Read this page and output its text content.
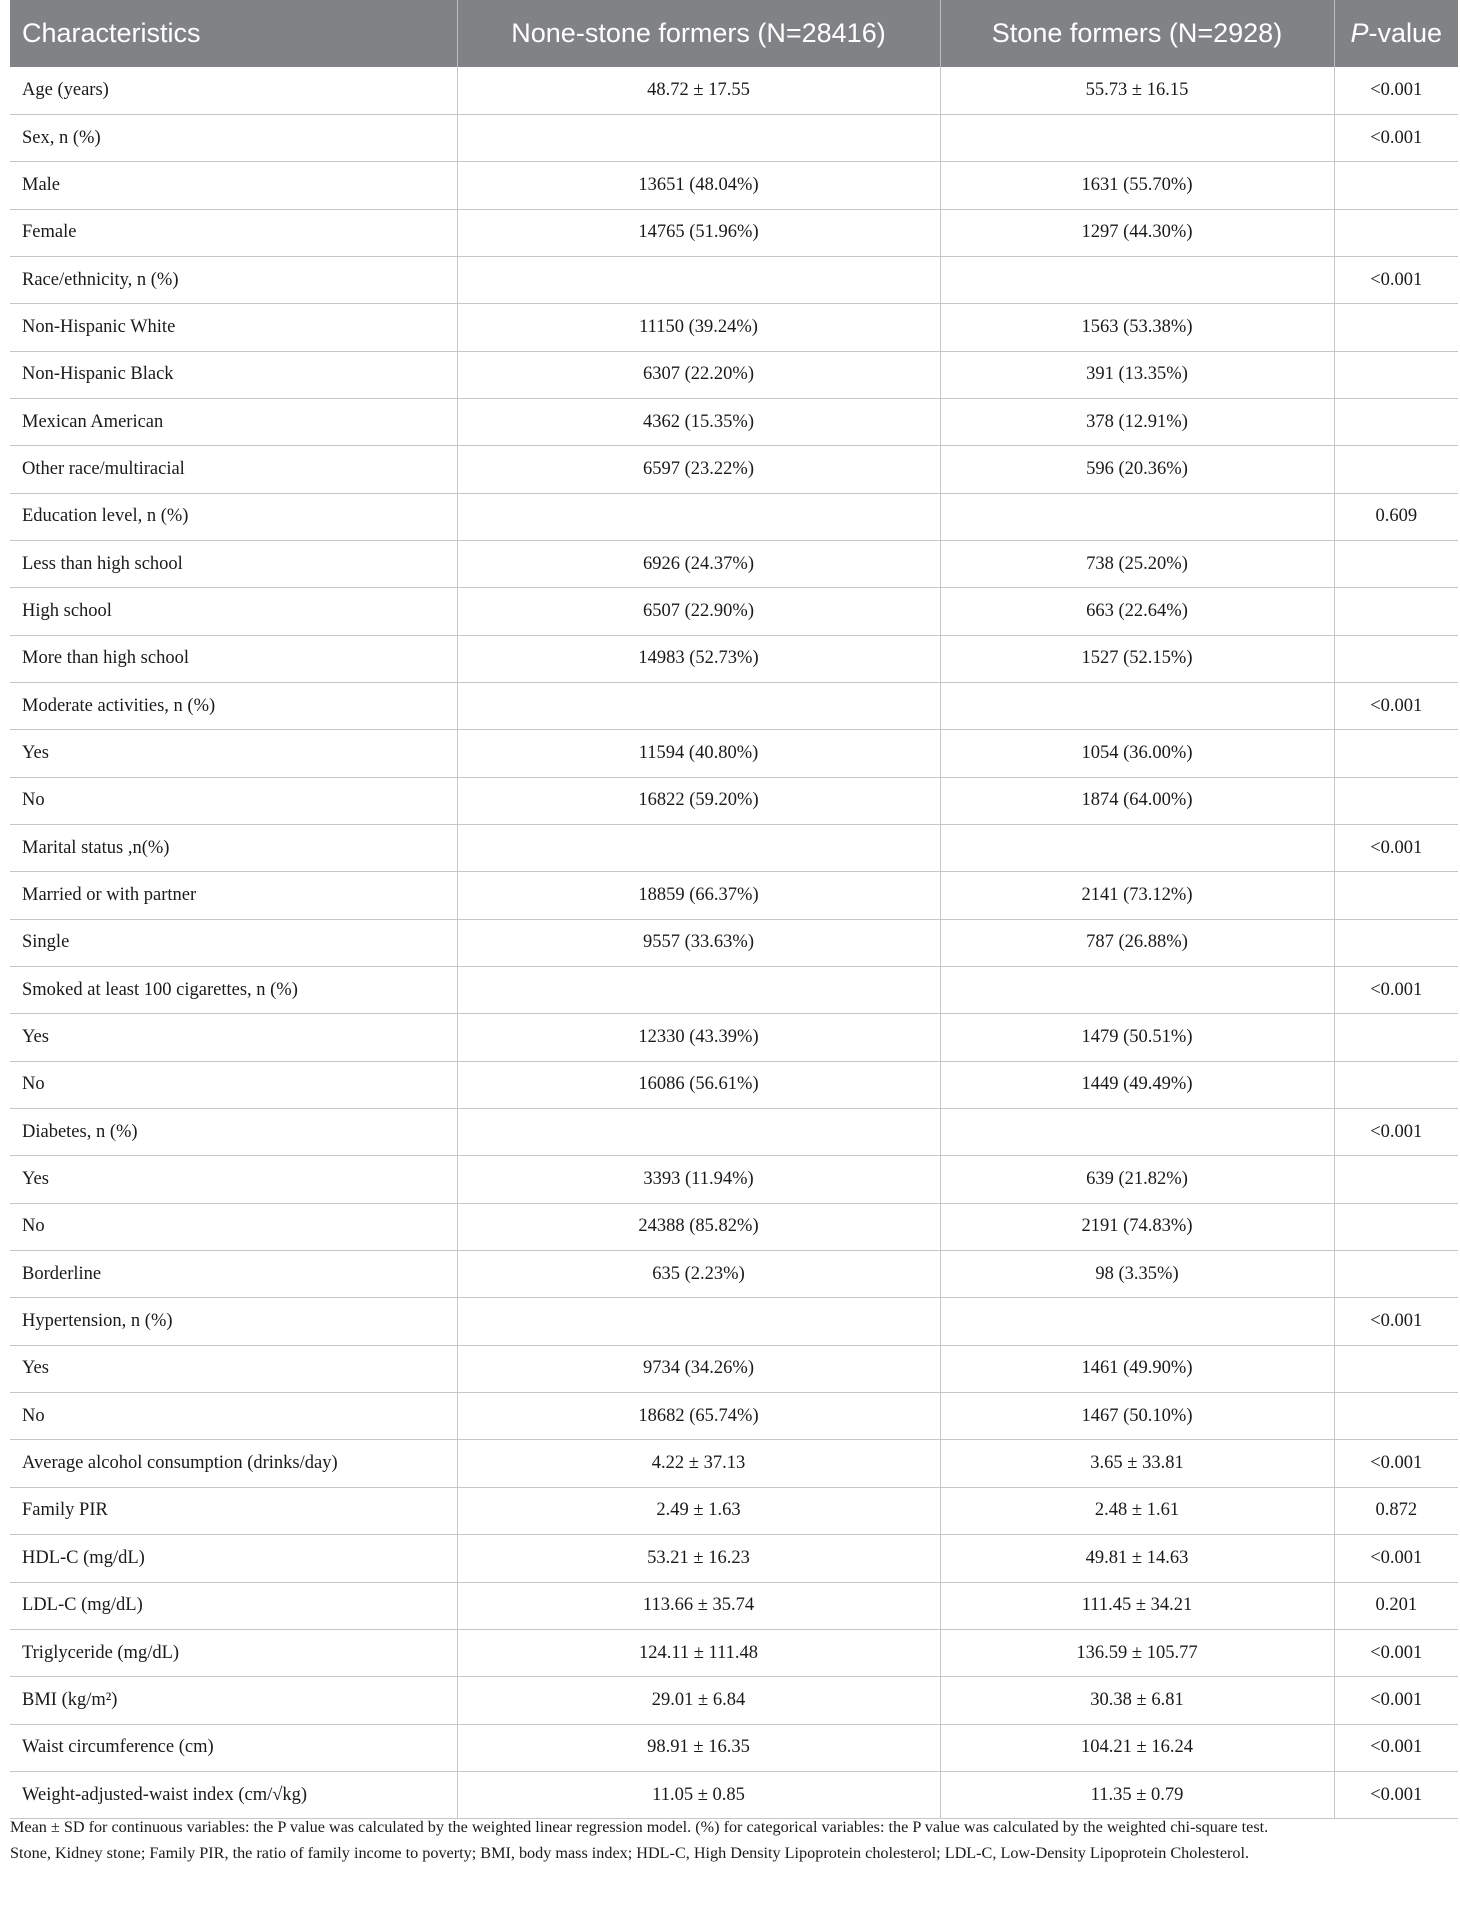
Characteristics	None-stone formers (N=28416)	Stone formers (N=2928)	P-value
Age (years)	48.72 ± 17.55	55.73 ± 16.15	<0.001
Sex, n (%)			<0.001
Male	13651 (48.04%)	1631 (55.70%)	
Female	14765 (51.96%)	1297 (44.30%)	
Race/ethnicity, n (%)			<0.001
Non-Hispanic White	11150 (39.24%)	1563 (53.38%)	
Non-Hispanic Black	6307 (22.20%)	391 (13.35%)	
Mexican American	4362 (15.35%)	378 (12.91%)	
Other race/multiracial	6597 (23.22%)	596 (20.36%)	
Education level, n (%)			0.609
Less than high school	6926 (24.37%)	738 (25.20%)	
High school	6507 (22.90%)	663 (22.64%)	
More than high school	14983 (52.73%)	1527 (52.15%)	
Moderate activities, n (%)			<0.001
Yes	11594 (40.80%)	1054 (36.00%)	
No	16822 (59.20%)	1874 (64.00%)	
Marital status ,n(%)			<0.001
Married or with partner	18859 (66.37%)	2141 (73.12%)	
Single	9557 (33.63%)	787 (26.88%)	
Smoked at least 100 cigarettes, n (%)			<0.001
Yes	12330 (43.39%)	1479 (50.51%)	
No	16086 (56.61%)	1449 (49.49%)	
Diabetes, n (%)			<0.001
Yes	3393 (11.94%)	639 (21.82%)	
No	24388 (85.82%)	2191 (74.83%)	
Borderline	635 (2.23%)	98 (3.35%)	
Hypertension, n (%)			<0.001
Yes	9734 (34.26%)	1461 (49.90%)	
No	18682 (65.74%)	1467 (50.10%)	
Average alcohol consumption (drinks/day)	4.22 ± 37.13	3.65 ± 33.81	<0.001
Family PIR	2.49 ± 1.63	2.48 ± 1.61	0.872
HDL-C (mg/dL)	53.21 ± 16.23	49.81 ± 14.63	<0.001
LDL-C (mg/dL)	113.66 ± 35.74	111.45 ± 34.21	0.201
Triglyceride (mg/dL)	124.11 ± 111.48	136.59 ± 105.77	<0.001
BMI (kg/m²)	29.01 ± 6.84	30.38 ± 6.81	<0.001
Waist circumference (cm)	98.91 ± 16.35	104.21 ± 16.24	<0.001
Weight-adjusted-waist index (cm/√kg)	11.05 ± 0.85	11.35 ± 0.79	<0.001
Mean ± SD for continuous variables: the P value was calculated by the weighted linear regression model. (%) for categorical variables: the P value was calculated by the weighted chi-square test.
Stone, Kidney stone; Family PIR, the ratio of family income to poverty; BMI, body mass index; HDL-C, High Density Lipoprotein cholesterol; LDL-C, Low-Density Lipoprotein Cholesterol.
